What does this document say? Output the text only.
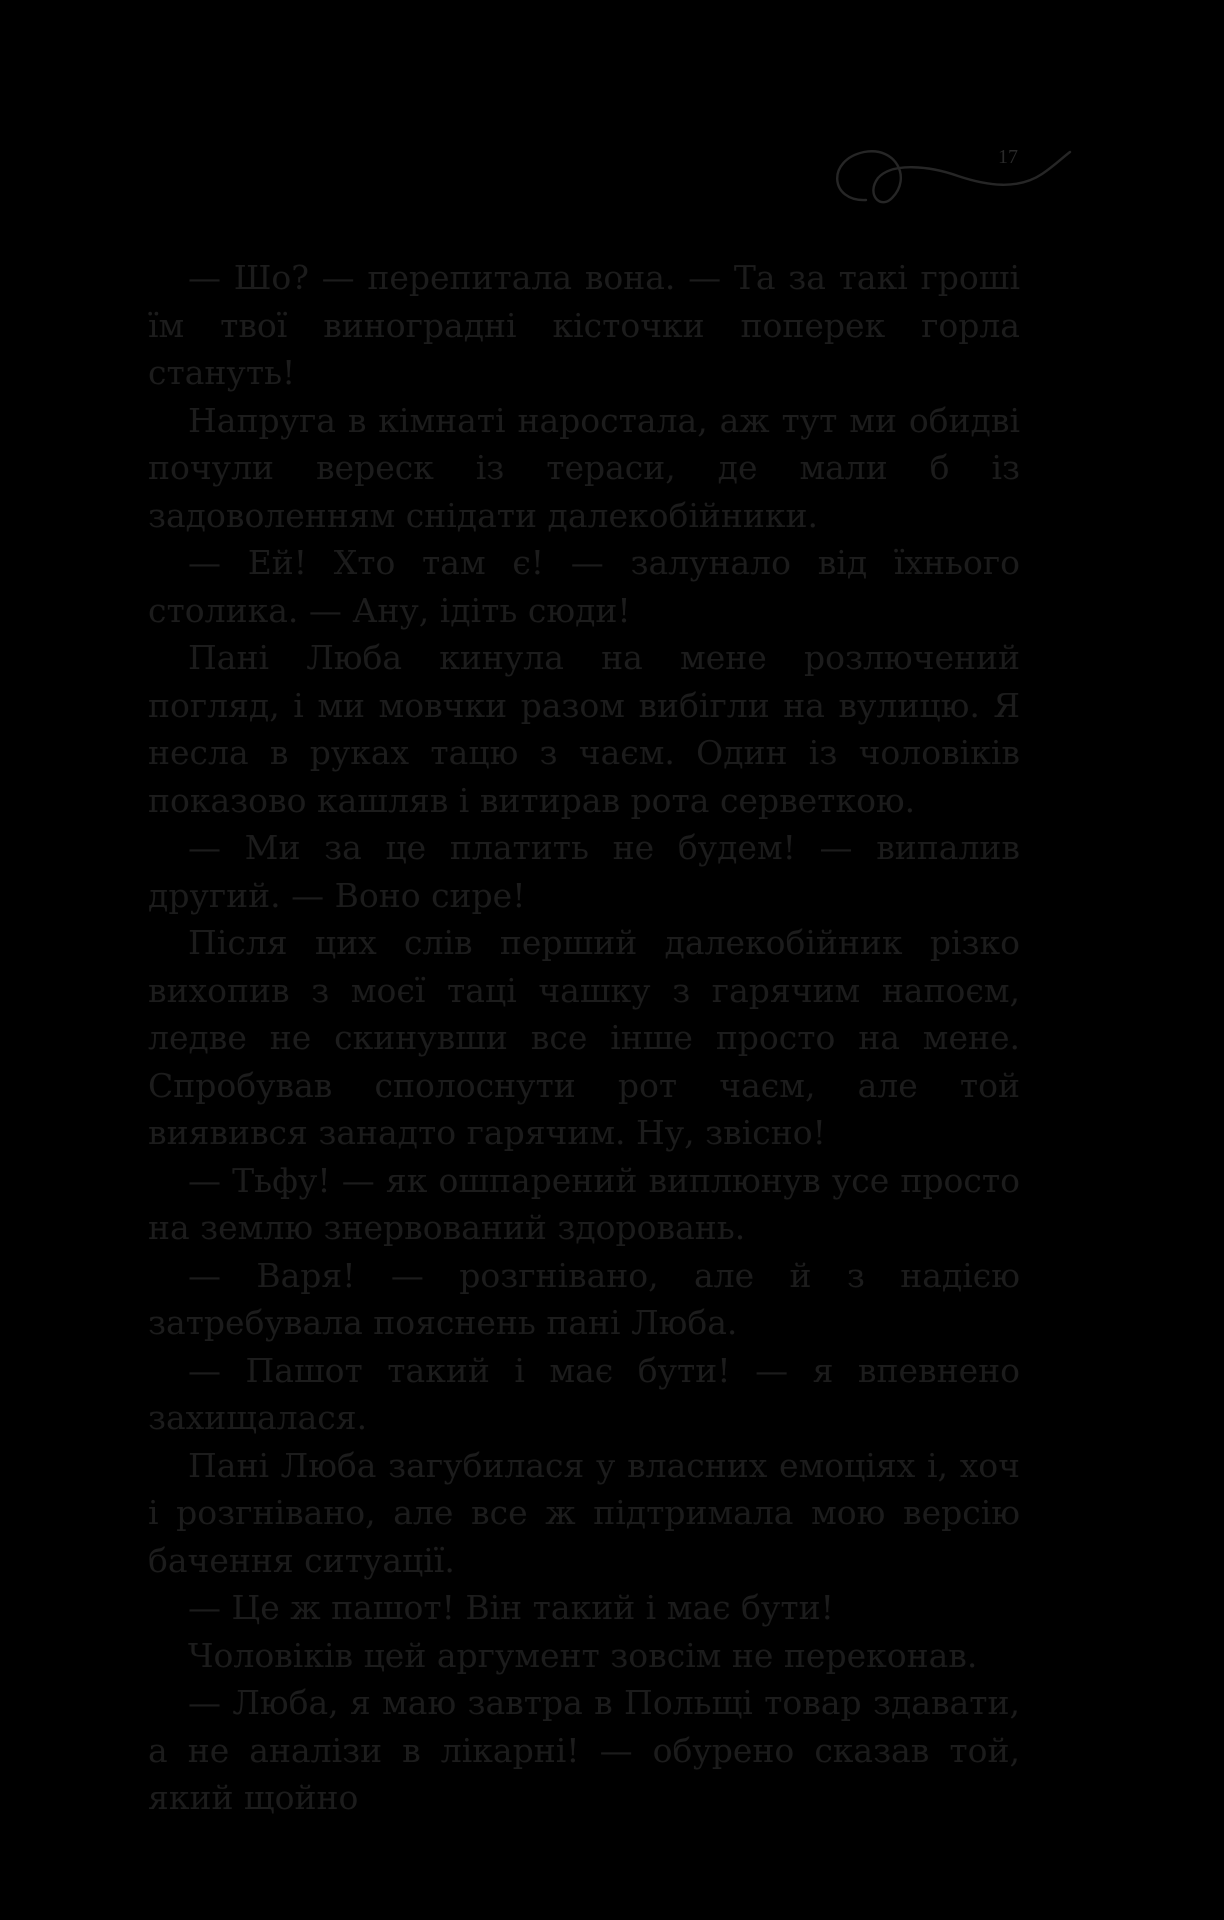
17

— Шо? — перепитала вона. — Та за такі гроші їм твої виноградні кісточки поперек горла стануть!

Напруга в кімнаті наростала, аж тут ми обидві почули вереск із тераси, де мали б із задоволенням снідати далекобійники.

— Ей! Хто там є! — залунало від їхнього столика. — Ану, ідіть сюди!

Пані Люба кинула на мене розлючений погляд, і ми мовчки разом вибігли на вулицю. Я несла в руках тацю з чаєм. Один із чоловіків показово кашляв і витирав рота серветкою.

— Ми за це платить не будем! — випалив другий. — Воно сире!

Після цих слів перший далекобійник різко вихопив з моєї таці чашку з гарячим напоєм, ледве не скинувши все інше просто на мене. Спробував сполоснути рот чаєм, але той виявився занадто гарячим. Ну, звісно!

— Тьфу! — як ошпарений виплюнув усе просто на землю знервований здоровань.

— Варя! — розгнівано, але й з надією затребувала пояснень пані Люба.

— Пашот такий і має бути! — я впевнено захищалася.

Пані Люба загубилася у власних емоціях і, хоч і розгнівано, але все ж підтримала мою версію бачення ситуації.

— Це ж пашот! Він такий і має бути!

Чоловіків цей аргумент зовсім не переконав.

— Люба, я маю завтра в Польщі товар здавати, а не аналізи в лікарні! — обурено сказав той, який щойно
